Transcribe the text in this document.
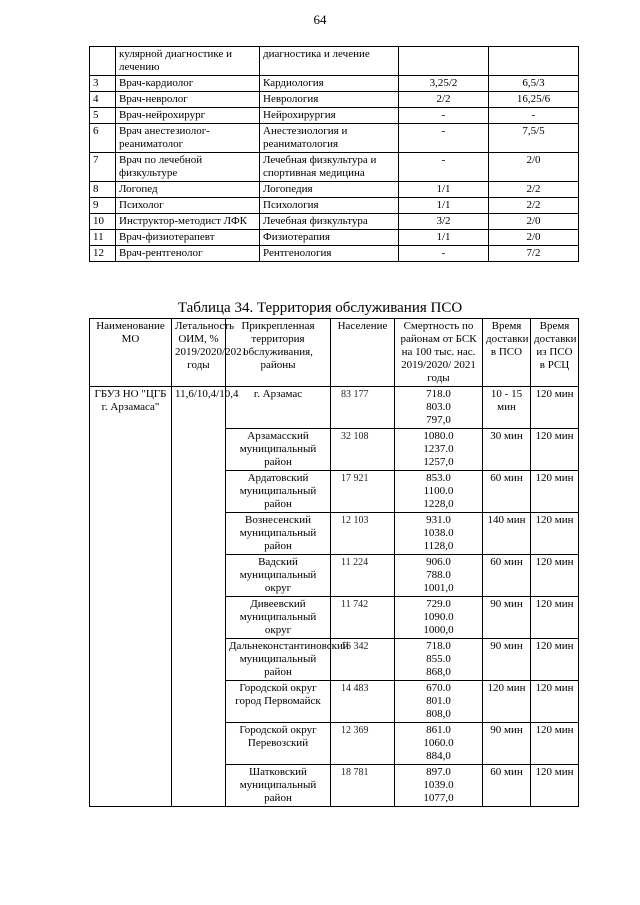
64
	кулярной диагностике и лечению	диагностика и лечение		
3	Врач-кардиолог	Кардиология	3,25/2	6,5/3
4	Врач-невролог	Неврология	2/2	16,25/6
5	Врач-нейрохирург	Нейрохирургия	-	-
6	Врач анестезиолог-реаниматолог	Анестезиология и реаниматология	-	7,5/5
7	Врач по лечебной физкультуре	Лечебная физкультура и спортивная медицина	-	2/0
8	Логопед	Логопедия	1/1	2/2
9	Психолог	Психология	1/1	2/2
10	Инструктор-методист ЛФК	Лечебная физкультура	3/2	2/0
11	Врач-физиотерапевт	Физиотерапия	1/1	2/0
12	Врач-рентгенолог	Рентгенология	-	7/2
Таблица 34. Территория обслуживания ПСО
Наименование МО	Летальность ОИМ, % 2019/2020/2021 годы	Прикрепленная территория обслуживания, районы	Население	Смертность по районам от БСК на 100 тыс. нас. 2019/2020/ 2021 годы	Время доставки в ПСО	Время доставки из ПСО в РСЦ
ГБУЗ НО "ЦГБ г. Арзамаса"	11,6/10,4/10,4	г. Арзамас	83 177	718.0
803.0
797,0	10 - 15 мин	120 мин
		Арзамасский муниципальный район	32 108	1080.0
1237.0
1257,0	30 мин	120 мин
		Ардатовский муниципальный район	17 921	853.0
1100.0
1228,0	60 мин	120 мин
		Вознесенский муниципальный район	12 103	931.0
1038.0
1128,0	140 мин	120 мин
		Вадский муниципальный округ	11 224	906.0
788.0
1001,0	60 мин	120 мин
		Дивеевский муниципальный округ	11 742	729.0
1090.0
1000,0	90 мин	120 мин
		Дальнеконстантиновский муниципальный район	16 342	718.0
855.0
868,0	90 мин	120 мин
		Городской округ город Первомайск	14 483	670.0
801.0
808,0	120 мин	120 мин
		Городской округ Перевозский	12 369	861.0
1060.0
884,0	90 мин	120 мин
		Шатковский муниципальный район	18 781	897.0
1039.0
1077,0	60 мин	120 мин
